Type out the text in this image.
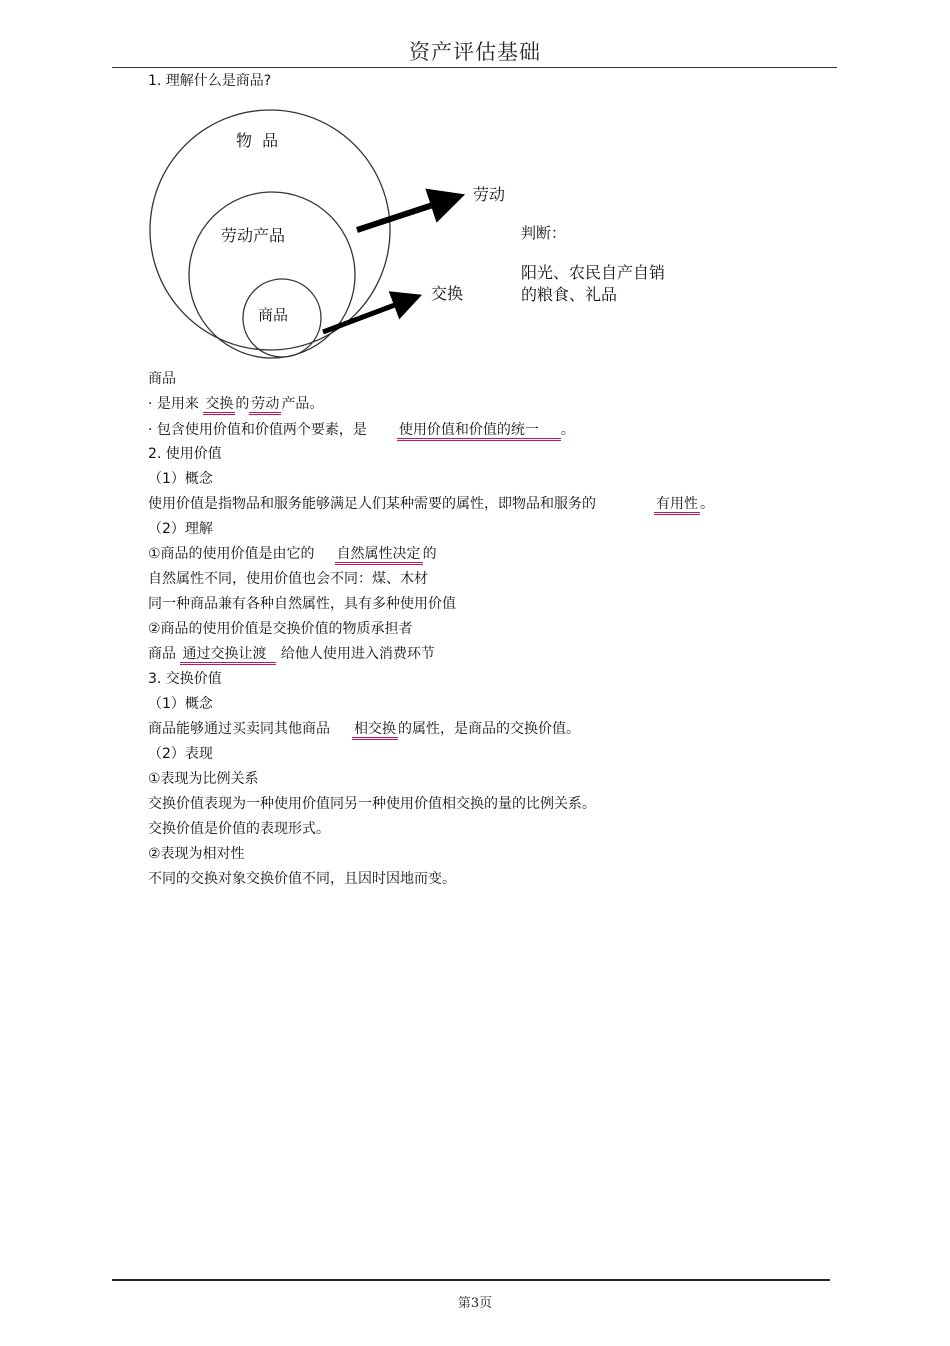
资产评估基础
1. 理解什么是商品?
物  品
劳动产品
商品
劳动
交换
判断：
阳光、农民自产自销
的粮食、礼品
商品
· 是用来 交换 的 劳动 产品。
· 包含使用价值和价值两个要素，是 使用价值和价值的统一 。
2. 使用价值
（1）概念
使用价值是指物品和服务能够满足人们某种需要的属性，即物品和服务的	有用性 。
（2）理解
①商品的使用价值是由它的 自然属性决定 的
自然属性不同，使用价值也会不同：煤、木材
同一种商品兼有各种自然属性，具有多种使用价值
②商品的使用价值是交换价值的物质承担者
商品 通过交换让渡 给他人使用进入消费环节
3. 交换价值
（1）概念
商品能够通过买卖同其他商品 相交换 的属性，是商品的交换价值。
（2）表现
①表现为比例关系
交换价值表现为一种使用价值同另一种使用价值相交换的量的比例关系。
交换价值是价值的表现形式。
②表现为相对性
不同的交换对象交换价值不同，且因时因地而变。
第3页
